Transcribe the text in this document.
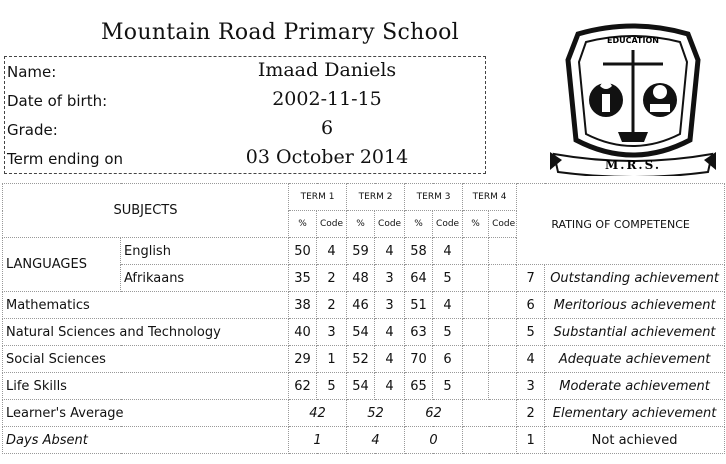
Mountain Road Primary School
Name:	Imaad Daniels
Date of birth:	2002-11-15
Grade:	6
Term ending on	03 October 2014
EDUCATION
M.R.S.
SUBJECTS		TERM 1		TERM 2		TERM 3		TERM 4		RATING OF COMPETENCE	
		%	Code	%	Code	%	Code	%	Code		
LANGUAGES	English	50	4	59	4	58	4				
	Afrikaans	35	2	48	3	64	5			7	Outstanding achievement
Mathematics		38	2	46	3	51	4			6	Meritorious achievement
Natural Sciences and Technology		40	3	54	4	63	5			5	Substantial achievement
Social Sciences		29	1	52	4	70	6			4	Adequate achievement
Life Skills		62	5	54	4	65	5			3	Moderate achievement
Learner's Average		42		52		62				2	Elementary achievement
Days Absent		1		4		0				1	Not achieved
